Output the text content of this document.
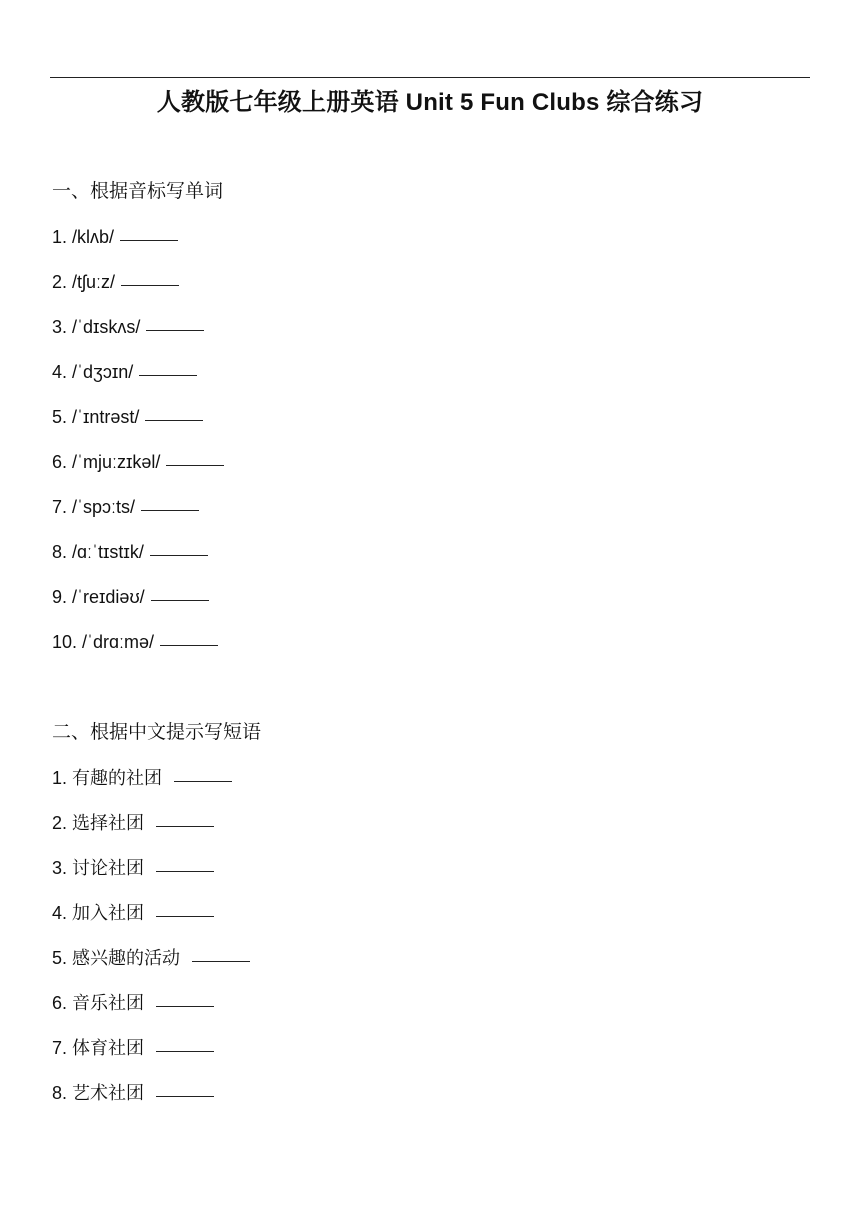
人教版七年级上册英语 Unit 5 Fun Clubs 综合练习
一、根据音标写单词
1. /klʌb/
2. /tʃuːz/
3. /ˈdɪskʌs/
4. /ˈdʒɔɪn/
5. /ˈɪntrəst/
6. /ˈmjuːzɪkəl/
7. /ˈspɔːts/
8. /ɑːˈtɪstɪk/
9. /ˈreɪdiəʊ/
10. /ˈdrɑːmə/
二、根据中文提示写短语
1. 有趣的社团
2. 选择社团
3. 讨论社团
4. 加入社团
5. 感兴趣的活动
6. 音乐社团
7. 体育社团
8. 艺术社团
